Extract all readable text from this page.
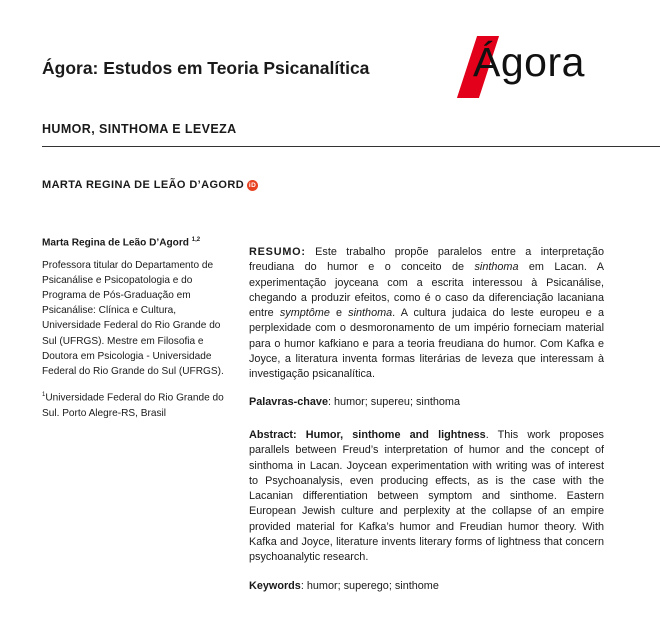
Ágora: Estudos em Teoria Psicanalítica	Ágora
HUMOR, SINTHOMA E LEVEZA
MARTA REGINA DE LEÃO D’AGORD iD
Marta Regina de Leão D’Agord $^{1,2}$
Professora titular do Departamento de Psicanálise e Psicopatologia e do Programa de Pós-Graduação em Psicanálise: Clínica e Cultura, Universidade Federal do Rio Grande do Sul (UFRGS). Mestre em Filosofia e Doutora em Psicologia - Universidade Federal do Rio Grande do Sul (UFRGS).
$^1$Universidade Federal do Rio Grande do Sul. Porto Alegre-RS, Brasil

RESUMO: Este trabalho propõe paralelos entre a interpretação freudiana do humor e o conceito de sinthoma em Lacan. A experimentação joyceana com a escrita interessou à Psicanálise, chegando a produzir efeitos, como é o caso da diferenciação lacaniana entre symptôme e sinthoma. A cultura judaica do leste europeu e a perplexidade com o desmoronamento de um império forneciam material para o humor kafkiano e para a teoria freudiana do humor. Com Kafka e Joyce, a literatura inventa formas literárias de leveza que interessam à investigação psicanalítica.

Palavras-chave: humor; supereu; sinthoma

Abstract: Humor, sinthome and lightness. This work proposes parallels between Freud’s interpretation of humor and the concept of sinthoma in Lacan. Joycean experimentation with writing was of interest to Psychoanalysis, even producing effects, as is the case with the Lacanian differentiation between symptom and sinthome. Eastern European Jewish culture and perplexity at the collapse of an empire provided material for Kafka’s humor and Freudian humor theory. With Kafka and Joyce, literature invents literary forms of lightness that concern psychoanalytic research.

Keywords: humor; superego; sinthome
